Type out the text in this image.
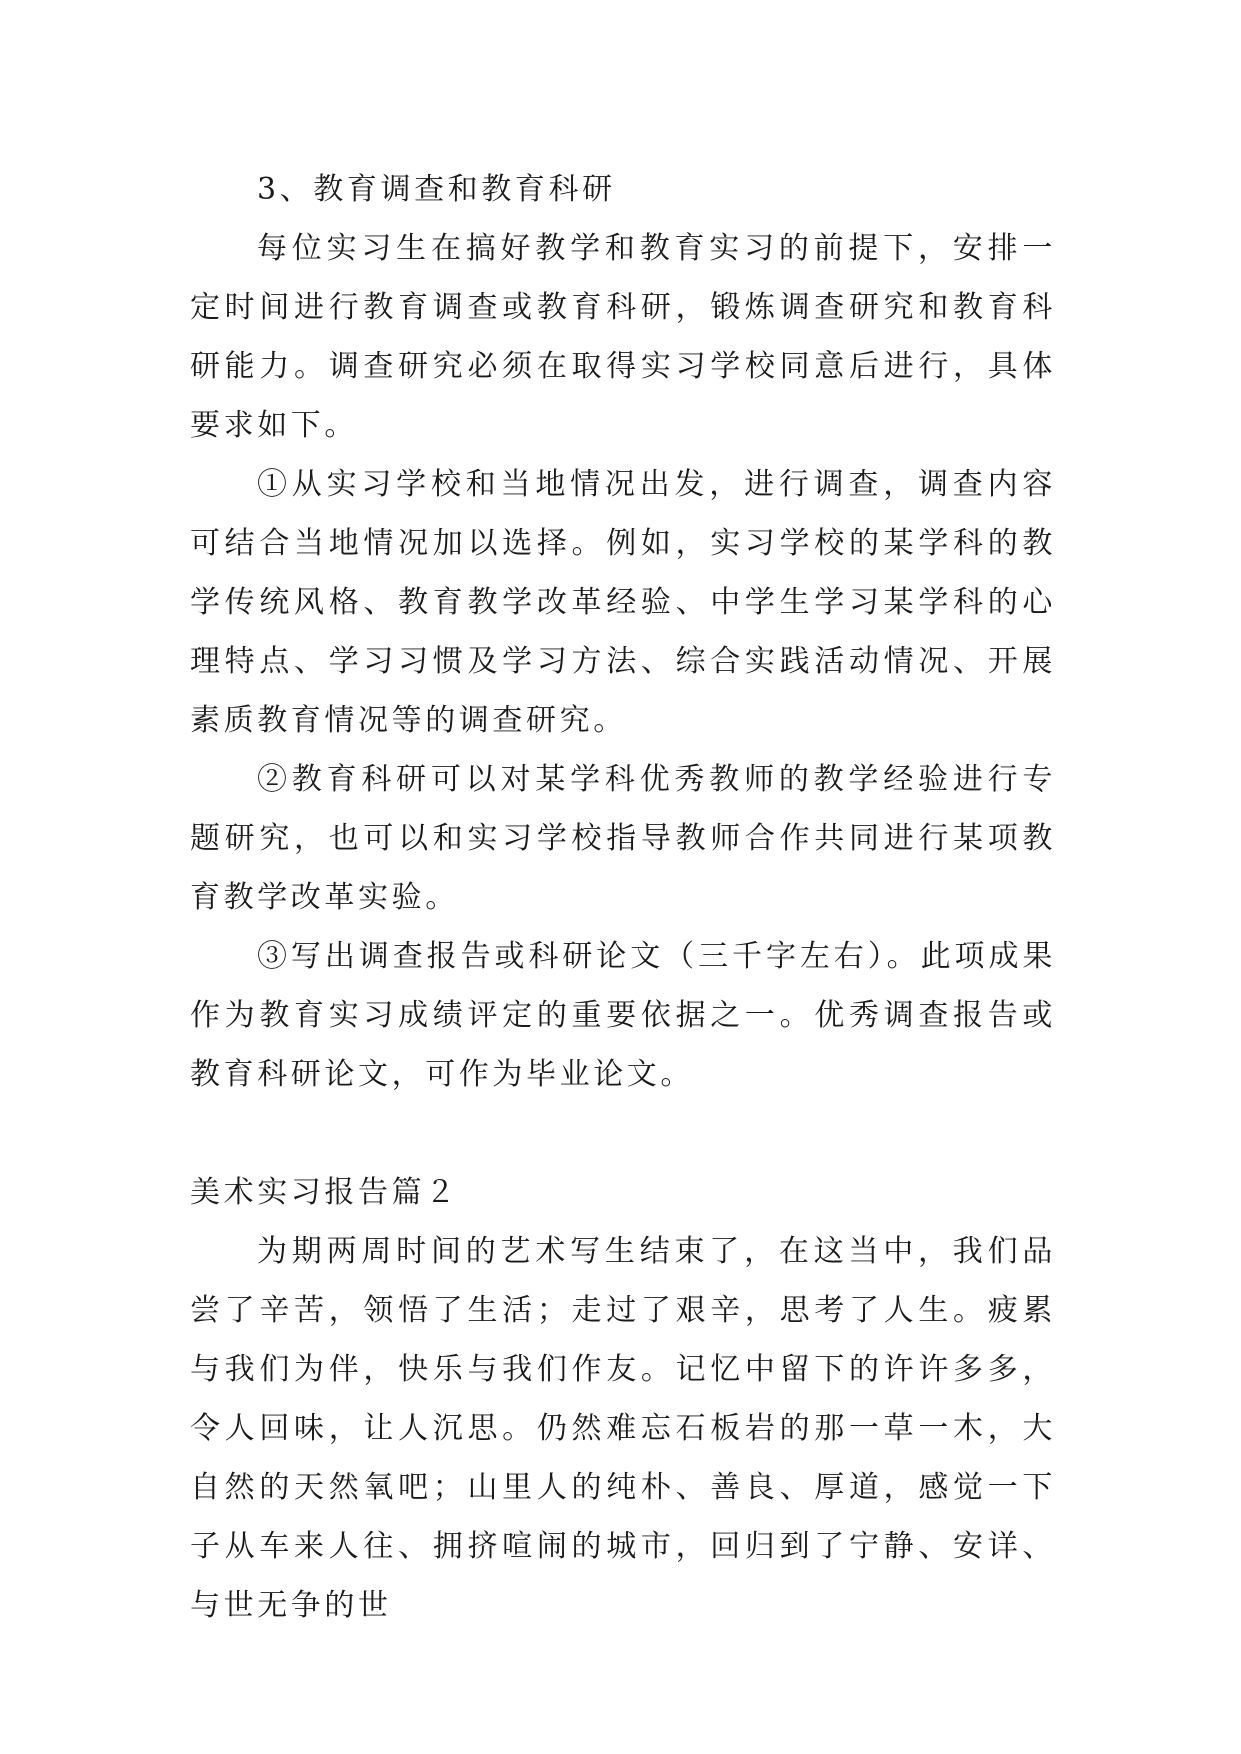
3、教育调查和教育科研

每位实习生在搞好教学和教育实习的前提下，安排一定时间进行教育调查或教育科研，锻炼调查研究和教育科研能力。调查研究必须在取得实习学校同意后进行，具体要求如下。

①从实习学校和当地情况出发，进行调查，调查内容可结合当地情况加以选择。例如，实习学校的某学科的教学传统风格、教育教学改革经验、中学生学习某学科的心理特点、学习习惯及学习方法、综合实践活动情况、开展素质教育情况等的调查研究。

②教育科研可以对某学科优秀教师的教学经验进行专题研究，也可以和实习学校指导教师合作共同进行某项教育教学改革实验。

③写出调查报告或科研论文（三千字左右）。此项成果作为教育实习成绩评定的重要依据之一。优秀调查报告或教育科研论文，可作为毕业论文。

美术实习报告篇２

为期两周时间的艺术写生结束了，在这当中，我们品尝了辛苦，领悟了生活；走过了艰辛，思考了人生。疲累与我们为伴，快乐与我们作友。记忆中留下的许许多多，令人回味，让人沉思。仍然难忘石板岩的那一草一木，大自然的天然氧吧；山里人的纯朴、善良、厚道，感觉一下子从车来人往、拥挤喧闹的城市，回归到了宁静、安详、与世无争的世
